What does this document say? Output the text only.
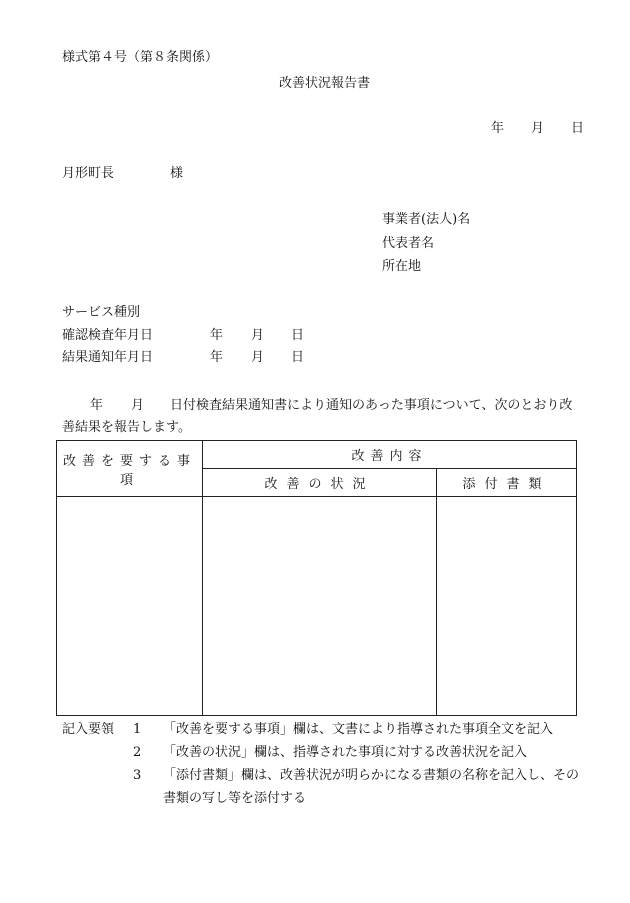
様式第４号（第８条関係）
改善状況報告書
年 月 日
月形町長	様
事業者(法人)名
代表者名
所在地
サービス種別
確認検査年月日	年 月 日
結果通知年月日	年 月 日
年 月 日付検査結果通知書により通知のあった事項について、次のとおり改
善結果を報告します。
改善を要する事項	改善内容	
	改善の状況	添付書類

記入要領 1 「改善を要する事項」欄は、文書により指導された事項全文を記入
2 「改善の状況」欄は、指導された事項に対する改善状況を記入
3 「添付書類」欄は、改善状況が明らかになる書類の名称を記入し、その
書類の写し等を添付する
